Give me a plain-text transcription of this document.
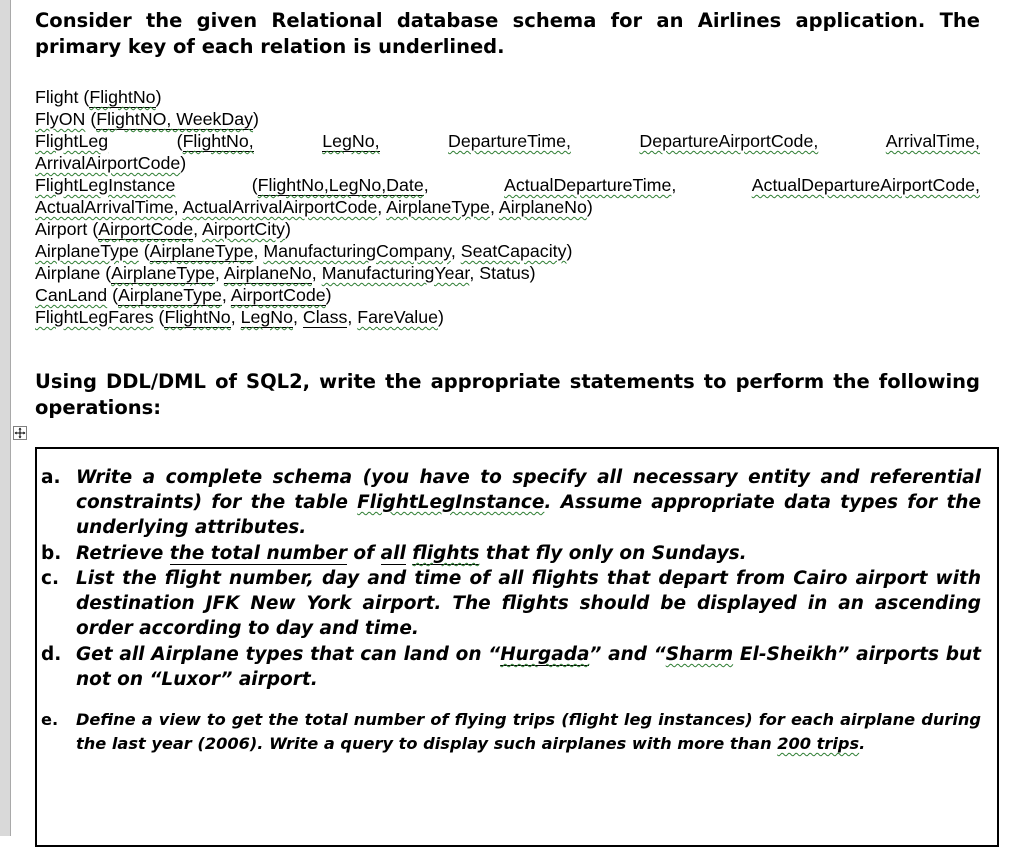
Consider the given Relational database schema for an Airlines application. The primary key of each relation is underlined.
Flight (FlightNo)
FlyON (FlightNO, WeekDay)
FlightLeg (FlightNo,	LegNo,	DepartureTime,	DepartureAirportCode,	ArrivalTime,
ArrivalAirportCode)
FlightLegInstance (FlightNo,LegNo,Date, ActualDepartureTime, ActualDepartureAirportCode,
ActualArrivalTime, ActualArrivalAirportCode, AirplaneType, AirplaneNo)
Airport (AirportCode, AirportCity)
AirplaneType (AirplaneType, ManufacturingCompany, SeatCapacity)
Airplane (AirplaneType, AirplaneNo, ManufacturingYear, Status)
CanLand (AirplaneType, AirportCode)
FlightLegFares (FlightNo, LegNo, Class, FareValue)
Using DDL/DML of SQL2, write the appropriate statements to perform the following operations:
a. Write a complete schema (you have to specify all necessary entity and referential constraints) for the table FlightLegInstance. Assume appropriate data types for the underlying attributes.
b. Retrieve the total number of all flights that fly only on Sundays.
c. List the flight number, day and time of all flights that depart from Cairo airport with destination JFK New York airport. The flights should be displayed in an ascending order according to day and time.
d. Get all Airplane types that can land on “Hurgada” and “Sharm El-Sheikh” airports but not on “Luxor” airport.
e. Define a view to get the total number of flying trips (flight leg instances) for each airplane during the last year (2006). Write a query to display such airplanes with more than 200 trips.
